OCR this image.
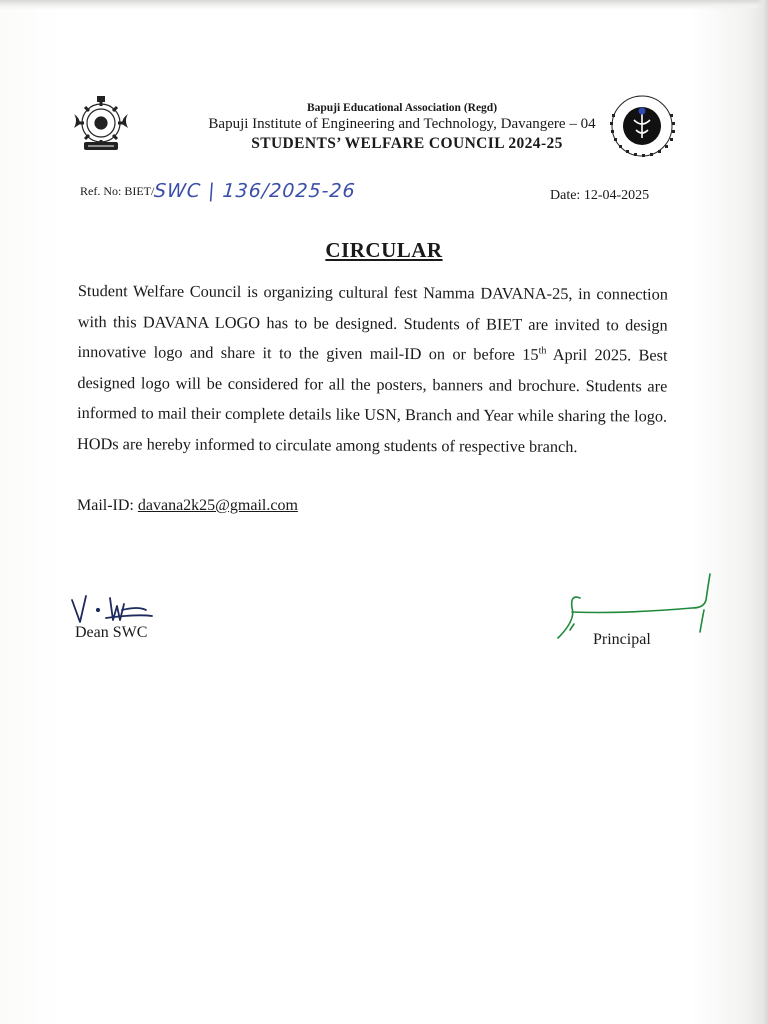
Bapuji Educational Association (Regd)
Bapuji Institute of Engineering and Technology, Davangere – 04
STUDENTS’ WELFARE COUNCIL 2024-25
Ref. No: BIET/SWC | 136/2025-26	Date: 12-04-2025
CIRCULAR
Student Welfare Council is organizing cultural fest Namma DAVANA-25, in connection with this DAVANA LOGO has to be designed. Students of BIET are invited to design innovative logo and share it to the given mail-ID on or before 15th April 2025. Best designed logo will be considered for all the posters, banners and brochure. Students are informed to mail their complete details like USN, Branch and Year while sharing the logo. HODs are hereby informed to circulate among students of respective branch.
Mail-ID: davana2k25@gmail.com
Dean SWC	Principal
